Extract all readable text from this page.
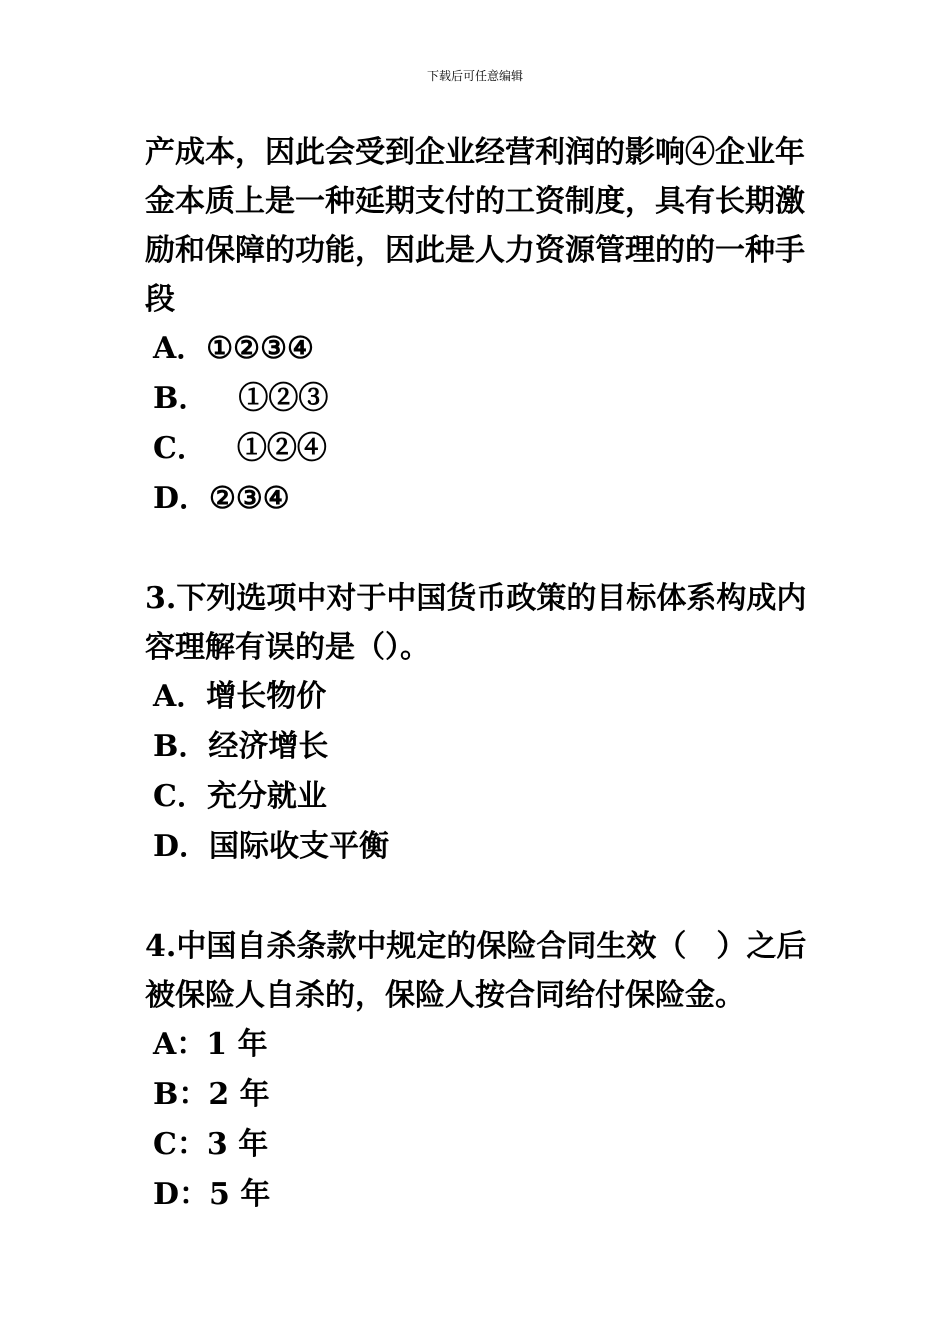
下载后可任意编辑

产成本，因此会受到企业经营利润的影响④企业年金本质上是一种延期支付的工资制度，具有长期激励和保障的功能，因此是人力资源管理的的一种手段

A．①②③④
B．　①②③
C．　①②④
D．②③④

3.下列选项中对于中国货币政策的目标体系构成内容理解有误的是（）。

A．增长物价
B．经济增长
C．充分就业
D．国际收支平衡

4.中国自杀条款中规定的保险合同生效（　）之后被保险人自杀的，保险人按合同给付保险金。

A：1 年
B：2 年
C：3 年
D：5 年
